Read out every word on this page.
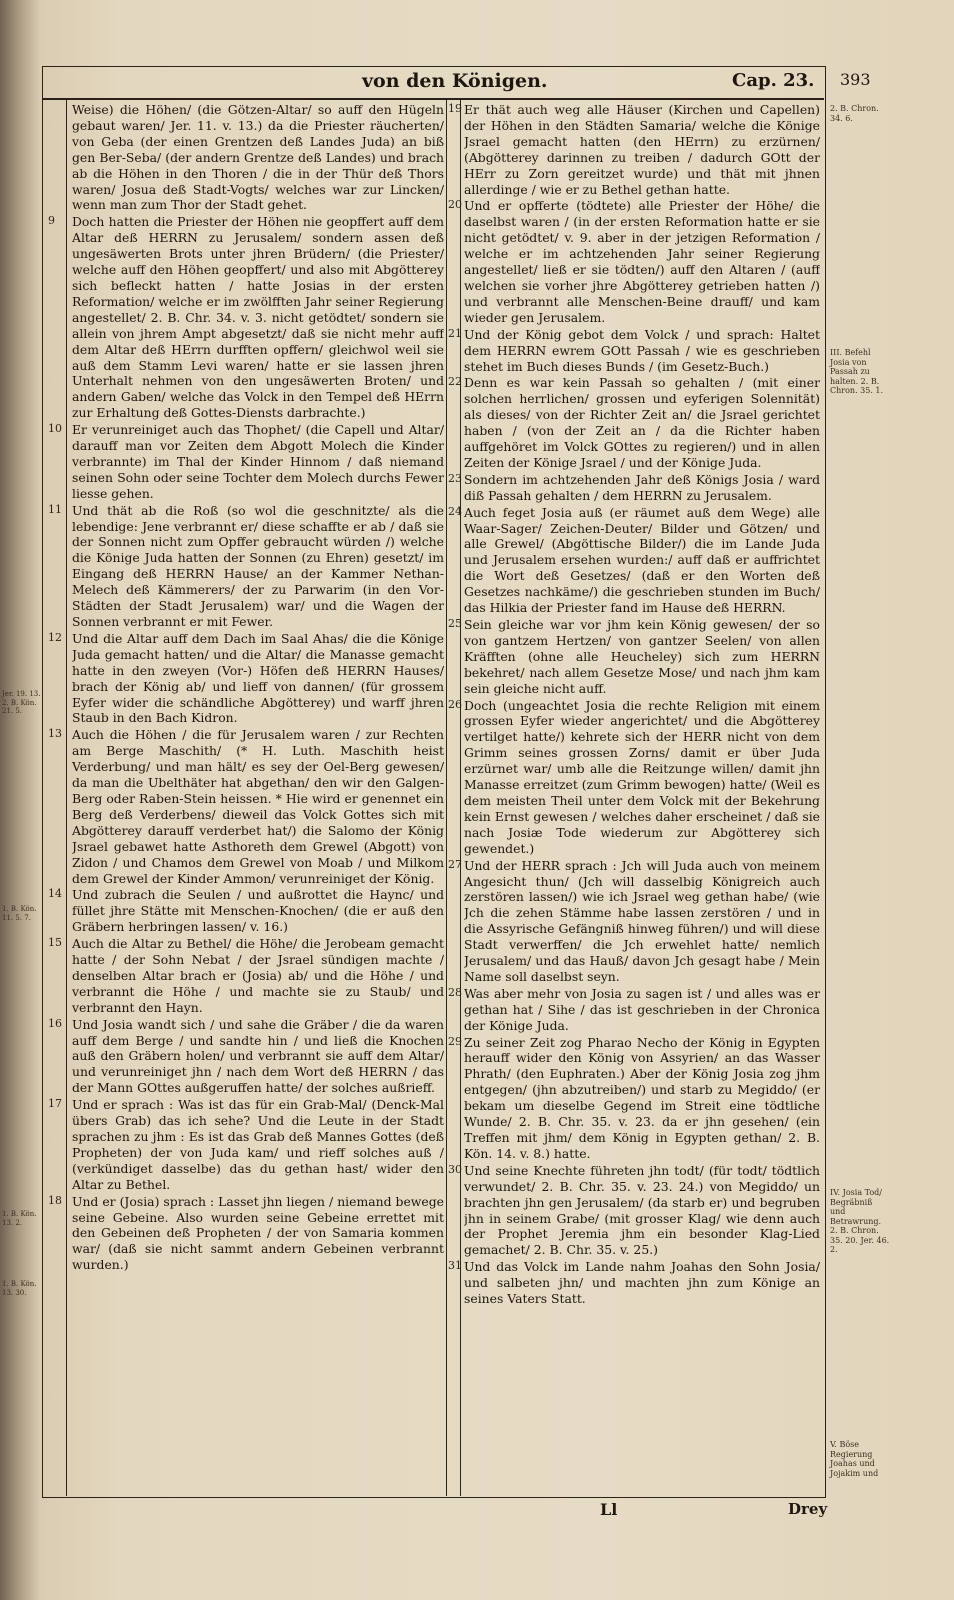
von den Königen.	Cap. 23. 393

Weise) die Höhen/ (die Götzen-Altar/ so auff den Hügeln gebaut waren/ Jer. 11. v. 13.) da die Priester räucherten/ von Geba (der einen Grentzen deß Landes Juda) an biß gen Ber-Seba/ (der andern Grentze deß Landes) und brach ab die Höhen in den Thoren / die in der Thür deß Thors waren/ Josua deß Stadt-Vogts/ welches war zur Lincken/ wenn man zum Thor der Stadt gehet.

Doch hatten die Priester der Höhen nie geopffert auff dem Altar deß HERRN zu Jerusalem/ sondern assen deß ungesäwerten Brots unter jhren Brüdern/ (die Priester/ welche auff den Höhen geopffert/ und also mit Abgötterey sich befleckt hatten / hatte Josias in der ersten Reformation/ welche er im zwölfften Jahr seiner Regierung angestellet/ 2. B. Chr. 34. v. 3. nicht getödtet/ sondern sie allein von jhrem Ampt abgesetzt/ daß sie nicht mehr auff dem Altar deß HErrn durfften opffern/ gleichwol weil sie auß dem Stamm Levi waren/ hatte er sie lassen jhren Unterhalt nehmen von den ungesäwerten Broten/ und andern Gaben/ welche das Volck in den Tempel deß HErrn zur Erhaltung deß Gottes-Diensts darbrachte.)

Er verunreiniget auch das Thophet/ (die Capell und Altar/ darauff man vor Zeiten dem Abgott Molech die Kinder verbrannte) im Thal der Kinder Hinnom / daß niemand seinen Sohn oder seine Tochter dem Molech durchs Fewer liesse gehen.

Und thät ab die Roß (so wol die geschnitzte/ als die lebendige: Jene verbrannt er/ diese schaffte er ab / daß sie der Sonnen nicht zum Opffer gebraucht würden /) welche die Könige Juda hatten der Sonnen (zu Ehren) gesetzt/ im Eingang deß HERRN Hause/ an der Kammer Nethan-Melech deß Kämmerers/ der zu Parwarim (in den Vor-Städten der Stadt Jerusalem) war/ und die Wagen der Sonnen verbrannt er mit Fewer.

Und die Altar auff dem Dach im Saal Ahas/ die die Könige Juda gemacht hatten/ und die Altar/ die Manasse gemacht hatte in den zweyen (Vor-) Höfen deß HERRN Hauses/ brach der König ab/ und lieff von dannen/ (für grossem Eyfer wider die schändliche Abgötterey) und warff jhren Staub in den Bach Kidron.

Auch die Höhen / die für Jerusalem waren / zur Rechten am Berge Maschith/ (* H. Luth. Maschith heist Verderbung/ und man hält/ es sey der Oel-Berg gewesen/ da man die Ubelthäter hat abgethan/ den wir den Galgen-Berg oder Raben-Stein heissen. * Hie wird er genennet ein Berg deß Verderbens/ dieweil das Volck Gottes sich mit Abgötterey darauff verderbet hat/) die Salomo der König Jsrael gebawet hatte Asthoreth dem Grewel (Abgott) von Zidon / und Chamos dem Grewel von Moab / und Milkom dem Grewel der Kinder Ammon/ verunreiniget der König.

Und zubrach die Seulen / und außrottet die Haync/ und füllet jhre Stätte mit Menschen-Knochen/ (die er auß den Gräbern herbringen lassen/ v. 16.)

Auch die Altar zu Bethel/ die Höhe/ die Jerobeam gemacht hatte / der Sohn Nebat / der Jsrael sündigen machte / denselben Altar brach er (Josia) ab/ und die Höhe / und verbrannt die Höhe / und machte sie zu Staub/ und verbrannt den Hayn.

Und Josia wandt sich / und sahe die Gräber / die da waren auff dem Berge / und sandte hin / und ließ die Knochen auß den Gräbern holen/ und verbrannt sie auff dem Altar/ und verunreiniget jhn / nach dem Wort deß HERRN / das der Mann GOttes außgeruffen hatte/ der solches außrieff.

Und er sprach : Was ist das für ein Grab-Mal/ (Denck-Mal übers Grab) das ich sehe? Und die Leute in der Stadt sprachen zu jhm : Es ist das Grab deß Mannes Gottes (deß Propheten) der von Juda kam/ und rieff solches auß / (verkündiget dasselbe) das du gethan hast/ wider den Altar zu Bethel.

Und er (Josia) sprach : Lasset jhn liegen / niemand bewege seine Gebeine. Also wurden seine Gebeine errettet mit den Gebeinen deß Propheten / der von Samaria kommen war/ (daß sie nicht sammt andern Gebeinen verbrannt wurden.)

Er thät auch weg alle Häuser (Kirchen und Capellen) der Höhen in den Städten Samaria/ welche die Könige Jsrael gemacht hatten (den HErrn) zu erzürnen/ (Abgötterey darinnen zu treiben / dadurch GOtt der HErr zu Zorn gereitzet wurde) und thät mit jhnen allerdinge / wie er zu Bethel gethan hatte.

Und er opfferte (tödtete) alle Priester der Höhe/ die daselbst waren / (in der ersten Reformation hatte er sie nicht getödtet/ v. 9. aber in der jetzigen Reformation / welche er im achtzehenden Jahr seiner Regierung angestellet/ ließ er sie tödten/) auff den Altaren / (auff welchen sie vorher jhre Abgötterey getrieben hatten /) und verbrannt alle Menschen-Beine drauff/ und kam wieder gen Jerusalem.

Und der König gebot dem Volck / und sprach: Haltet dem HERRN ewrem GOtt Passah / wie es geschrieben stehet im Buch dieses Bunds / (im Gesetz-Buch.)

Denn es war kein Passah so gehalten / (mit einer solchen herrlichen/ grossen und eyferigen Solennität) als dieses/ von der Richter Zeit an/ die Jsrael gerichtet haben / (von der Zeit an / da die Richter haben auffgehöret im Volck GOttes zu regieren/) und in allen Zeiten der Könige Jsrael / und der Könige Juda.

Sondern im achtzehenden Jahr deß Königs Josia / ward diß Passah gehalten / dem HERRN zu Jerusalem.

Auch feget Josia auß (er räumet auß dem Wege) alle Waar-Sager/ Zeichen-Deuter/ Bilder und Götzen/ und alle Grewel/ (Abgöttische Bilder/) die im Lande Juda und Jerusalem ersehen wurden:/ auff daß er auffrichtet die Wort deß Gesetzes/ (daß er den Worten deß Gesetzes nachkäme/) die geschrieben stunden im Buch/ das Hilkia der Priester fand im Hause deß HERRN.

Sein gleiche war vor jhm kein König gewesen/ der so von gantzem Hertzen/ von gantzer Seelen/ von allen Kräfften (ohne alle Heucheley) sich zum HERRN bekehret/ nach allem Gesetze Mose/ und nach jhm kam sein gleiche nicht auff.

Doch (ungeachtet Josia die rechte Religion mit einem grossen Eyfer wieder angerichtet/ und die Abgötterey vertilget hatte/) kehrete sich der HERR nicht von dem Grimm seines grossen Zorns/ damit er über Juda erzürnet war/ umb alle die Reitzunge willen/ damit jhn Manasse erreitzet (zum Grimm bewogen) hatte/ (Weil es dem meisten Theil unter dem Volck mit der Bekehrung kein Ernst gewesen / welches daher erscheinet / daß sie nach Josiæ Tode wiederum zur Abgötterey sich gewendet.)

Und der HERR sprach : Jch will Juda auch von meinem Angesicht thun/ (Jch will dasselbig Königreich auch zerstören lassen/) wie ich Jsrael weg gethan habe/ (wie Jch die zehen Stämme habe lassen zerstören / und in die Assyrische Gefängniß hinweg führen/) und will diese Stadt verwerffen/ die Jch erwehlet hatte/ nemlich Jerusalem/ und das Hauß/ davon Jch gesagt habe / Mein Name soll daselbst seyn.

Was aber mehr von Josia zu sagen ist / und alles was er gethan hat / Sihe / das ist geschrieben in der Chronica der Könige Juda.

Zu seiner Zeit zog Pharao Necho der König in Egypten herauff wider den König von Assyrien/ an das Wasser Phrath/ (den Euphraten.) Aber der König Josia zog jhm entgegen/ (jhn abzutreiben/) und starb zu Megiddo/ (er bekam um dieselbe Gegend im Streit eine tödtliche Wunde/ 2. B. Chr. 35. v. 23. da er jhn gesehen/ (ein Treffen mit jhm/ dem König in Egypten gethan/ 2. B. Kön. 14. v. 8.) hatte.

Und seine Knechte führeten jhn todt/ (für todt/ tödtlich verwundet/ 2. B. Chr. 35. v. 23. 24.) von Megiddo/ un brachten jhn gen Jerusalem/ (da starb er) und begruben jhn in seinem Grabe/ (mit grosser Klag/ wie denn auch der Prophet Jeremia jhm ein besonder Klag-Lied gemachet/ 2. B. Chr. 35. v. 25.)

Und das Volck im Lande nahm Joahas den Sohn Josia/ und salbeten jhn/ und machten jhn zum Könige an seines Vaters Statt.

Jer. 19. 13. 2. B. Kön. 21. 5.
1. B. Kön. 11. 5. 7.
1. B. Kön. 13. 2.
1. B. Kön. 13. 30.
2. B. Chron. 34. 6.
III. Befehl Josia von Passah zu halten. 2. B. Chron. 35. 1.
IV. Josia Tod/ Begräbniß und Betrawrung. 2. B. Chron. 35. 20. Jer. 46. 2.
V. Böse Regierung Joahas und Jojakim und
Ll	Drey
9
10
11
12
13
14
15
16
17
18
19
20
21
22
23
24
25
26
27
28
29
30
31
